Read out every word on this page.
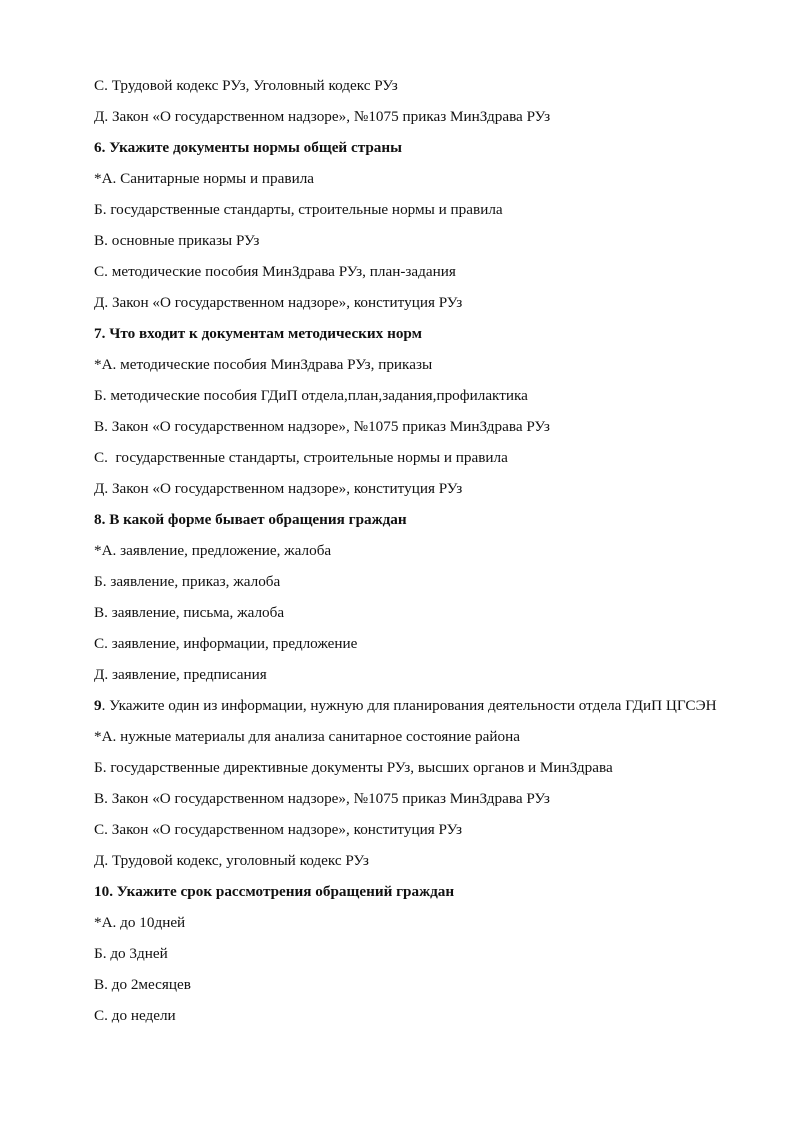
С. Трудовой кодекс РУз, Уголовный кодекс РУз
Д. Закон «О государственном надзоре», №1075 приказ МинЗдрава РУз
6. Укажите документы нормы общей страны
*А. Санитарные нормы и правила
Б. государственные стандарты, строительные нормы и правила
В. основные приказы РУз
С. методические пособия МинЗдрава РУз, план-задания
Д. Закон «О государственном надзоре», конституция РУз
7. Что входит к документам методических норм
*А. методические пособия МинЗдрава РУз, приказы
Б. методические пособия ГДиП отдела,план,задания,профилактика
В. Закон «О государственном надзоре», №1075 приказ МинЗдрава РУз
С.  государственные стандарты, строительные нормы и правила
Д. Закон «О государственном надзоре», конституция РУз
8. В какой форме бывает обращения граждан
*А. заявление, предложение, жалоба
Б. заявление, приказ, жалоба
В. заявление, письма, жалоба
С. заявление, информации, предложение
Д. заявление, предписания
9. Укажите один из информации, нужную для планирования деятельности отдела ГДиП ЦГСЭН
*А. нужные материалы для анализа санитарное состояние района
Б. государственные директивные документы РУз, высших органов и МинЗдрава
В. Закон «О государственном надзоре», №1075 приказ МинЗдрава РУз
С. Закон «О государственном надзоре», конституция РУз
Д. Трудовой кодекс, уголовный кодекс РУз
10. Укажите срок рассмотрения обращений граждан
*А. до 10дней
Б. до 3дней
В. до 2месяцев
С. до недели
